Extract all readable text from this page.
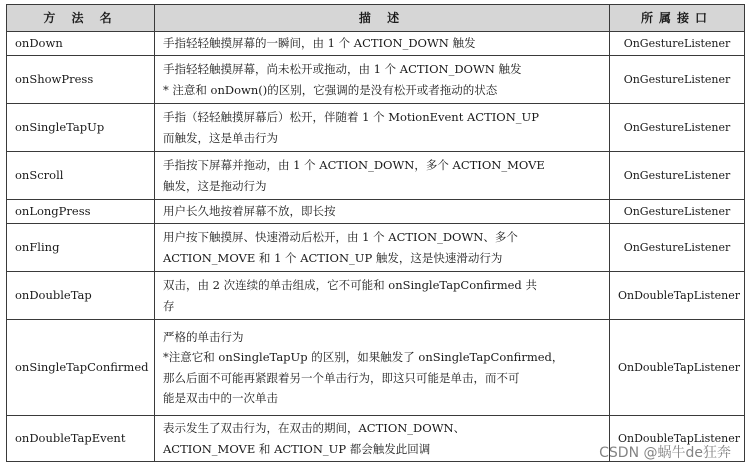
方 法 名	描 述	所属接口
onDown	手指轻轻触摸屏幕的一瞬间，由 1 个 ACTION_DOWN 触发	OnGestureListener
onShowPress	手指轻轻触摸屏幕，尚未松开或拖动，由 1 个 ACTION_DOWN 触发
* 注意和 onDown()的区别，它强调的是没有松开或者拖动的状态	OnGestureListener
onSingleTapUp	手指（轻轻触摸屏幕后）松开，伴随着 1 个 MotionEvent ACTION_UP
而触发，这是单击行为	OnGestureListener
onScroll	手指按下屏幕并拖动，由 1 个 ACTION_DOWN，多个 ACTION_MOVE
触发，这是拖动行为	OnGestureListener
onLongPress	用户长久地按着屏幕不放，即长按	OnGestureListener
onFling	用户按下触摸屏、快速滑动后松开，由 1 个 ACTION_DOWN、多个
ACTION_MOVE 和 1 个 ACTION_UP 触发，这是快速滑动行为	OnGestureListener
onDoubleTap	双击，由 2 次连续的单击组成，它不可能和 onSingleTapConfirmed 共
存	OnDoubleTapListener
onSingleTapConfirmed	严格的单击行为
*注意它和 onSingleTapUp 的区别，如果触发了 onSingleTapConfirmed，
那么后面不可能再紧跟着另一个单击行为，即这只可能是单击，而不可
能是双击中的一次单击	OnDoubleTapListener
onDoubleTapEvent	表示发生了双击行为，在双击的期间，ACTION_DOWN、
ACTION_MOVE 和 ACTION_UP 都会触发此回调	OnDoubleTapListener
CSDN @蜗牛de狂奔
